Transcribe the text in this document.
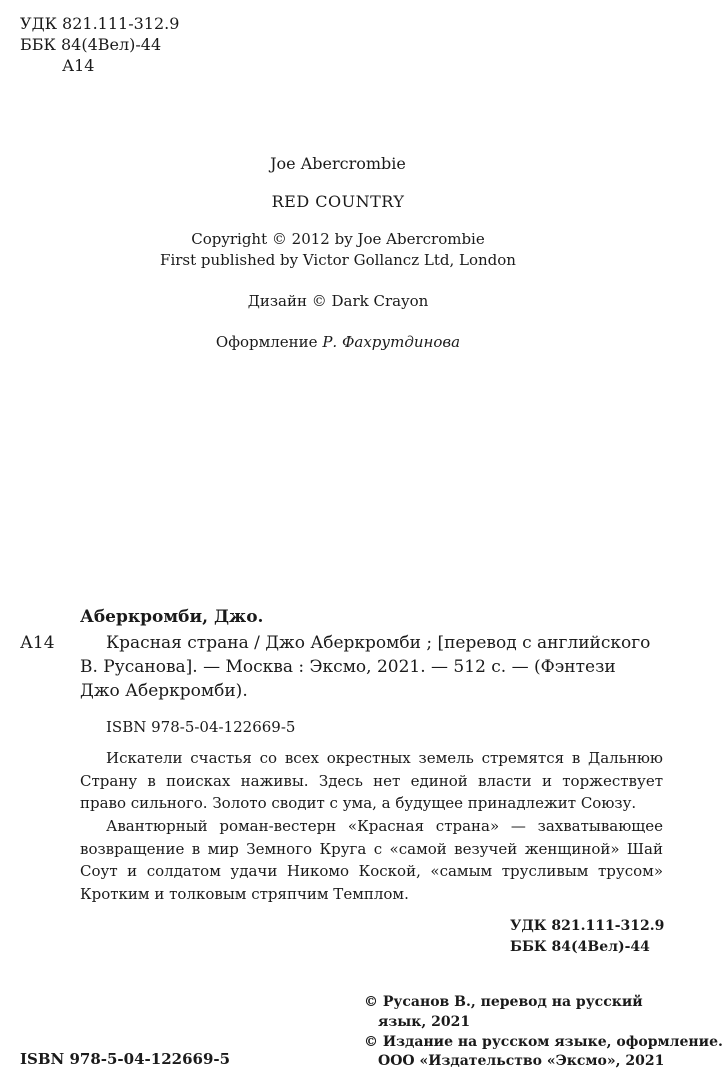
УДК 821.111-312.9
ББК 84(4Вел)-44
А14
Joe Abercrombie
RED COUNTRY
Copyright © 2012 by Joe Abercrombie
First published by Victor Gollancz Ltd, London
Дизайн © Dark Crayon
Оформление Р. Фахрутдинова
Аберкромби, Джо.
А14	Красная страна / Джо Аберкромби ; [перевод с английского
В. Русанова]. — Москва : Эксмо, 2021. — 512 с. — (Фэнтези
Джо Аберкромби).
ISBN 978-5-04-122669-5
Искатели счастья со всех окрестных земель стремятся в Дальнюю Страну в поисках наживы. Здесь нет единой власти и торжествует право сильного. Золото сводит с ума, а будущее принадлежит Союзу.
Авантюрный роман-вестерн «Красная страна» — захватывающее возвращение в мир Земного Круга с «самой везучей женщиной» Шай Соут и солдатом удачи Никомо Коской, «самым трусливым трусом» Кротким и толковым стряпчим Темплом.
УДК 821.111-312.9
ББК 84(4Вел)-44
© Русанов В., перевод на русский
язык, 2021
© Издание на русском языке, оформление.
ООО «Издательство «Эксмо», 2021
ISBN 978-5-04-122669-5
